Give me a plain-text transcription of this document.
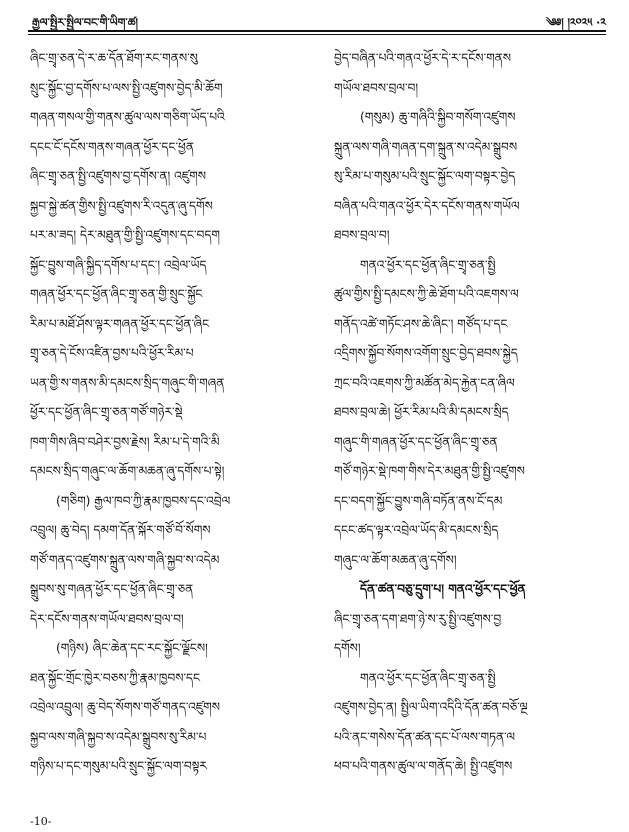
རྒྱལ་སྤྱིར་སྤྱིལ་བང་གི་ཡིག་ཚ།	༄༅། །༢༠༢༥ ·༢
ཞིང་གྲྭ་ཅན་དེ་ར་ཆ་དོན་ཐོག་རང་གནས་སུ
སྲུང་སྐྱོང་བྱ་དགོས་པ་ལས་སྤྱི་འཛུགས་བྱེད་མི་ཆོག
གཞན་གསལ་གྱི་གནས་ཚུལ་ལས་གཅིག་ཡོད་པའི
དངང་ངོ་དངོས་གནས་གཞན་ཕྱོར་དང་ཕྱོན
ཞིང་གྲྭ་ཅན་སྤྱི་འཛུགས་བྱ་དགོས་ན། འཛུགས
སྐྱབ་སྐྱེ་ཚན་གྱིས་སྤྱི་འཛུགས་རི་འདུན་ཞུ་དགོས
པར་མ་ཟད། དེར་མཐུན་གྱི་སྤྱི་འཛུགས་དང་བདག
སྐྱོང་བྱུས་གཞི་སྐྱིད་དགོས་པ་དང་། འབྲེལ་ཡོད
གཞན་ཕྱོར་དང་ཕྱོན་ཞིང་གྲྭ་ཅན་གྱི་སྲུང་སྐྱོང
རིམ་པ་མཐོ་ཤོས་ལྟར་གཞན་ཕྱོར་དང་ཕྱོན་ཞིང
གྲྭ་ཅན་དེ་ངོས་འཛིན་བྱས་པའི་ཕྱོར་རིམ་པ
ཡན་གྱི་ས་གནས་མི་དམངས་སྲིད་གཞུང་གི་གཞན
ཕྱོར་དང་ཕྱོན་ཞིང་གྲྭ་ཅན་གཙོ་གཉེར་སྡེ
ཁག་གིས་ཞིབ་བཤེར་བྱས་རྗེས། རིམ་པ་དེ་གའི་མི
དམངས་སྲིད་གཞུང་ལ་ཆོག་མཆན་ཞུ་དགོས་པ་སྟེ།
(གཅིག) རྒྱལ་ཁབ་ཀྱི་རྣམ་ཁྱབས་དང་འབྲེལ
འབྲུལ། ཆུ་བེད། དམག་དོན་སྐོར་གཙོ་བོ་སོགས
གཙོ་གནད་འཛུགས་སྐྲུན་ལས་གཞི་སྐྱབ་ས་འདེམ
སྒྲུབས་སུ་གཞན་ཕྱོར་དང་ཕྱོན་ཞིང་གྲྭ་ཅན
དེར་དངོས་གནས་གཡོལ་ཐབས་བྲལ་བ།
(གཉིས) ཞིང་ཆེན་དང་རང་སྐྱོང་ལྗོངས།
ཐན་སྐྱོང་གྲོང་ཁྱེར་བཅས་ཀྱི་རྣམ་ཁྱབས་དང
འབྲེལ་འབྲུལ། ཆུ་བེད་སོགས་གཙོ་གནད་འཛུགས
སྐྱབ་ལས་གཞི་སྐྱབ་ས་འདེམ་སྒྲུབས་སུ་རིམ་པ
གཉིས་པ་དང་གསུམ་པའི་སྲུང་སྐྱོང་ལག་བསྟར
བྱེད་བཞིན་པའི་གནའ་ཕྱོར་དེ་ར་དངོས་གནས
གཡོལ་ཐབས་བྲལ་བ།
(གསུམ) ཆུ་གཞིའི་སྐྱིབ་གསོག་འཛུགས
སྐྲུན་ལས་གཞི་གཞན་དག་སྐྲུན་ས་འདེམ་སྒྲུབས
སུ་རིམ་པ་གསུམ་པའི་སྲུང་སྐྱོང་ལག་བསྟར་བྱེད
བཞིན་པའི་གནའ་ཕྱོར་དེར་དངོས་གནས་གཡོལ
ཐབས་བྲལ་བ།
གནའ་ཕྱོར་དང་ཕྱོན་ཞིང་གྲྭ་ཅན་སྤྱི
ཚུལ་གྱིས་སྤྱི་དམངས་ཀྱི་ཆེ་ཐོག་པའི་འཇགས་ལ
གནོད་འཚེ་གཏོང་ཤས་ཆེ་ཞིང་། གཙོད་པ་དང
འདྲིགས་སྐྱོབ་སོགས་འགོག་སྲུང་བྱེད་ཐབས་སྐྱེད
ཀྲང་བའི་འཇགས་ཀྱི་མཚོན་མེད་རྐྱེན་ངན་ཞིལ
ཐབས་བྲལ་ཆེ། ཕྱོར་རིམ་པའི་མི་དམངས་སྲིད
གཞུང་གི་གཞན་ཕྱོར་དང་ཕྱོན་ཞིང་གྲྭ་ཅན
གཙོ་གཉེར་སྡེ་ཁག་གིས་དེར་མཐུན་གྱི་སྤྱི་འཛུགས
དང་བདག་སྐྱོང་བྱུས་གཞི་བཏོན་ནས་ངོ་དམ
དངང་ཚད་ལྟར་འབྲེལ་ཡོད་མི་དམངས་སྲིད
གཞུང་ལ་ཆོག་མཆན་ཞུ་དགོས།
དོན་ཚན་བཅུ་དྲུག་པ། གནའ་ཕྱོར་དང་ཕྱོན
ཞིང་གྲྭ་ཅན་དག་ཐག་ཉེ་ས་རུ་སྤྱི་འཛུགས་བྱ
དགོས།
གནའ་ཕྱོར་དང་ཕྱོན་ཞིང་གྲྭ་ཅན་སྤྱི
འཛུགས་བྱེད་ན། སྤྱིལ་ཡིག་འདིའི་དོན་ཚན་བཅོ་ལྔ
པའི་ནང་གསེས་དོན་ཚན་དང་པོ་ལས་གཏན་ལ
ཕབ་པའི་གནས་ཚུལ་ལ་གནོད་ཆེ། སྤྱི་འཛུགས
-10-
